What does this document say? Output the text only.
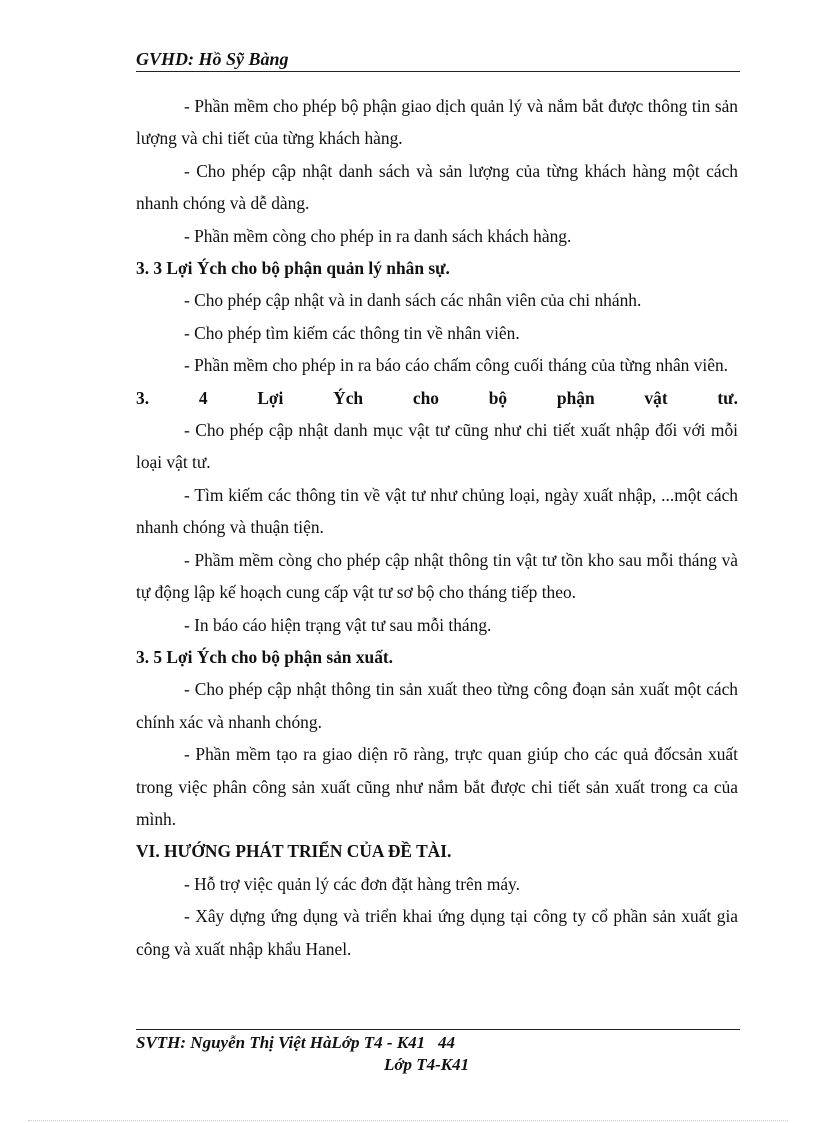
GVHD: Hồ Sỹ Bàng

- Phần mềm cho phép bộ phận giao dịch quản lý và nắm bắt được thông tin sản lượng và chi tiết của từng khách hàng.

- Cho phép cập nhật danh sách và sản lượng của từng khách hàng một cách nhanh chóng và dễ dàng.

- Phần mềm còng cho phép in ra danh sách khách hàng.

3. 3 Lợi Ých cho bộ phận quản lý nhân sự.

- Cho phép cập nhật và in danh sách các nhân viên của chi nhánh.

- Cho phép tìm kiếm các thông tin về nhân viên.

- Phần mềm cho phép in ra báo cáo chấm công cuối tháng của từng nhân viên.

3.	4	Lợi	Ých	cho	bộ	phận	vật	tư.

- Cho phép cập nhật danh mục vật tư cũng như chi tiết xuất nhập đối với mỗi loại vật tư.

- Tìm kiếm các thông tin về vật tư như chủng loại, ngày xuất nhập, ...một cách nhanh chóng và thuận tiện.

- Phầm mềm còng cho phép cập nhật thông tin vật tư tồn kho sau mỗi tháng và tự động lập kế hoạch cung cấp vật tư sơ bộ cho tháng tiếp theo.

- In báo cáo hiện trạng vật tư sau mỗi tháng.

3. 5 Lợi Ých cho bộ phận sản xuất.

- Cho phép cập nhật thông tin sản xuất theo từng công đoạn sản xuất một cách chính xác và nhanh chóng.

- Phần mềm tạo ra giao diện rõ ràng, trực quan giúp cho các quả đốcsản xuất trong việc phân công sản xuất cũng như nắm bắt được chi tiết sản xuất trong ca của mình.

VI. HƯỚNG PHÁT TRIỂN CỦA ĐỀ TÀI.

- Hỗ trợ việc quản lý các đơn đặt hàng trên máy.

- Xây dựng ứng dụng và triển khai ứng dụng tại công ty cổ phần sản xuất gia công và xuất nhập khẩu Hanel.

SVTH: Nguyễn Thị Việt HàLớp T4 - K41 44
Lớp T4-K41
